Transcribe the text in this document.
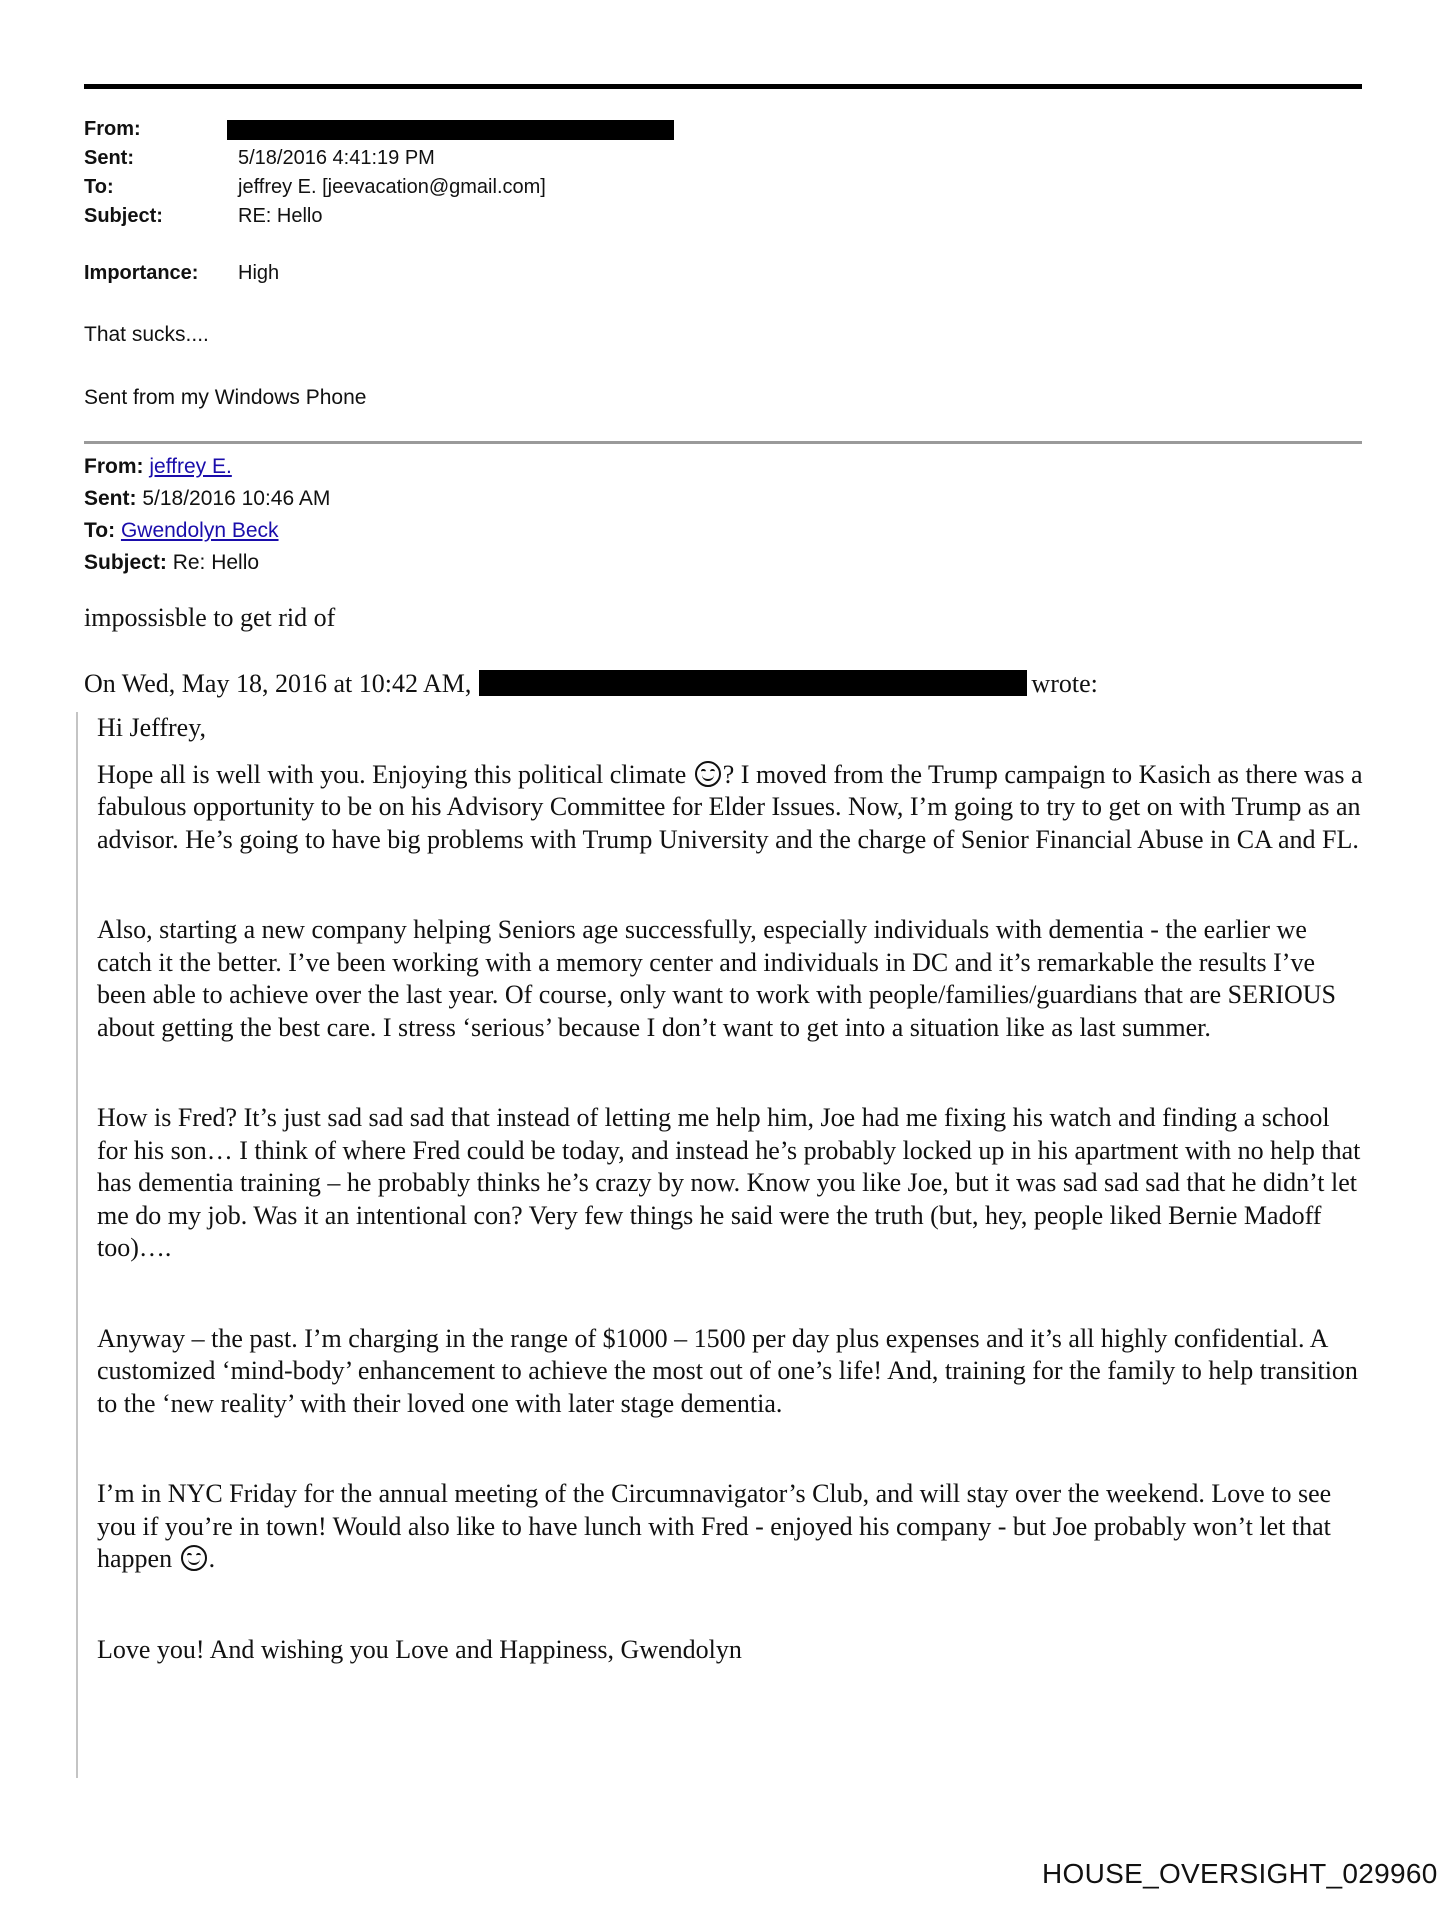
From:
Sent:	5/18/2016 4:41:19 PM
To:	jeffrey E. [jeevacation@gmail.com]
Subject:	RE: Hello
Importance: High
That sucks....
Sent from my Windows Phone
From: jeffrey E.
Sent: 5/18/2016 10:46 AM
To: Gwendolyn Beck
Subject: Re: Hello
impossisble to get rid of
On Wed, May 18, 2016 at 10:42 AM,	wrote:

Hi Jeffrey,

Hope all is well with you. Enjoying this political climate
? I moved from the Trump campaign to Kasich as there was a fabulous opportunity to be on his Advisory Committee for Elder Issues. Now, I’m going to try to get on with Trump as an advisor. He’s going to have big problems with Trump University and the charge of Senior Financial Abuse in CA and FL.

Also, starting a new company helping Seniors age successfully, especially individuals with dementia - the earlier we catch it the better. I’ve been working with a memory center and individuals in DC and it’s remarkable the results I’ve been able to achieve over the last year. Of course, only want to work with people/families/guardians that are SERIOUS about getting the best care. I stress ‘serious’ because I don’t want to get into a situation like as last summer.

How is Fred? It’s just sad sad sad that instead of letting me help him, Joe had me fixing his watch and finding a school for his son… I think of where Fred could be today, and instead he’s probably locked up in his apartment with no help that has dementia training – he probably thinks he’s crazy by now. Know you like Joe, but it was sad sad sad that he didn’t let me do my job. Was it an intentional con? Very few things he said were the truth (but, hey, people liked Bernie Madoff too)….

Anyway – the past. I’m charging in the range of $1000 – 1500 per day plus expenses and it’s all highly confidential. A customized ‘mind-body’ enhancement to achieve the most out of one’s life! And, training for the family to help transition to the ‘new reality’ with their loved one with later stage dementia.

I’m in NYC Friday for the annual meeting of the Circumnavigator’s Club, and will stay over the weekend. Love to see you if you’re in town! Would also like to have lunch with Fred - enjoyed his company - but Joe probably won’t let that happen
.

Love you! And wishing you Love and Happiness, Gwendolyn

HOUSE_OVERSIGHT_029960
